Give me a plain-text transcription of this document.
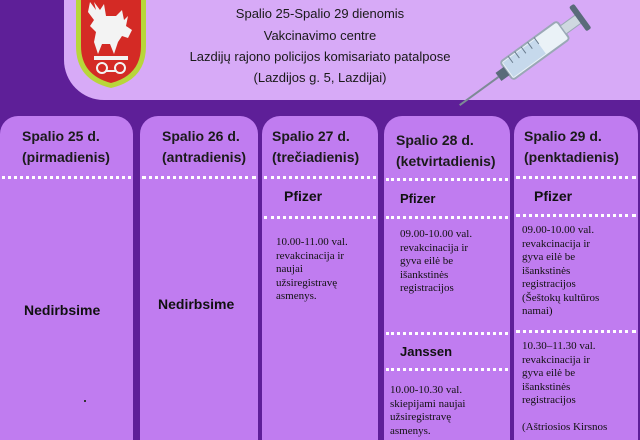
Spalio 25-Spalio 29 dienomis
Vakcinavimo centre
Lazdijų rajono policijos komisariato patalpose
(Lazdijos g. 5, Lazdijai)
Spalio 25 d.
(pirmadienis)
Nedirbsime
Spalio 26 d.
(antradienis)
Nedirbsime
Spalio 27 d.
(trečiadienis)
Pfizer
10.00-11.00 val.
revakcinacija ir
naujai
užsiregistravę
asmenys.
Spalio 28 d.
(ketvirtadienis)
Pfizer
09.00-10.00 val.
revakcinacija ir
gyva eilė be
išankstinės
registracijos
Janssen
10.00-10.30 val.
skiepijami naujai
užsiregistravę
asmenys.
Spalio 29 d.
(penktadienis)
Pfizer
09.00-10.00 val.
revakcinacija ir
gyva eilė be
išankstinės
registracijos
(Šeštokų kultūros
namai)
10.30–11.30 val.
revakcinacija ir
gyva eilė be
išankstinės
registracijos
(Aštriosios Kirsnos
